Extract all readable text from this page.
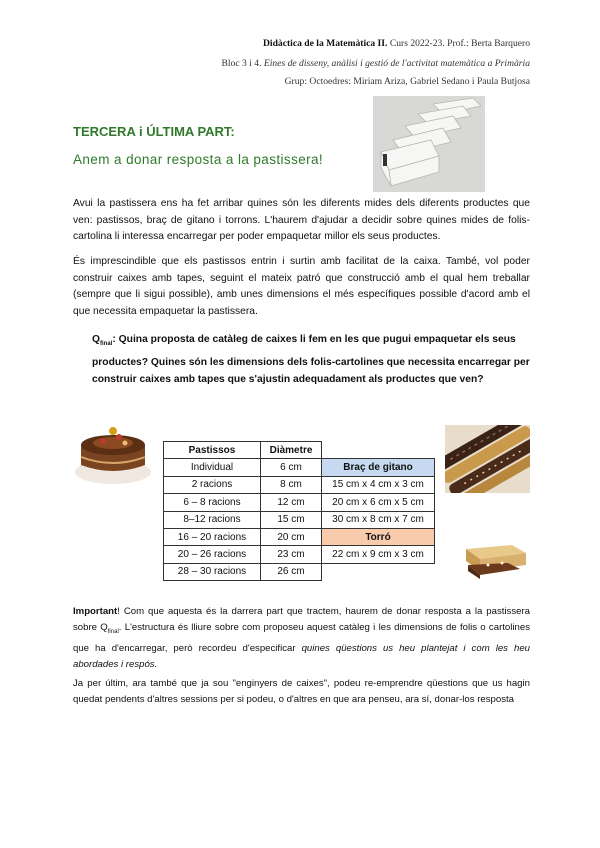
Didàctica de la Matemàtica II. Curs 2022-23. Prof.: Berta Barquero
Bloc 3 i 4. Eines de disseny, anàlisi i gestió de l'activitat matemàtica a Primària
Grup: Octoedres: Miriam Ariza, Gabriel Sedano i Paula Butjosa
TERCERA i ÚLTIMA PART:
Anem a donar resposta a la pastissera!
Avui la pastissera ens ha fet arribar quines són les diferents mides dels diferents productes que ven: pastissos, braç de gitano i torrons. L'haurem d'ajudar a decidir sobre quines mides de folis-cartolina li interessa encarregar per poder empaquetar millor els seus productes.
És imprescindible que els pastissos entrin i surtin amb facilitat de la caixa. També, vol poder construir caixes amb tapes, seguint el mateix patró que construcció amb el qual hem treballar (sempre que li sigui possible), amb unes dimensions el més específiques possible d'acord amb el que necessita empaquetar la pastissera.
$Q_{final}$: Quina proposta de catàleg de caixes li fem en les que pugui empaquetar els seus productes? Quines són les dimensions dels folis-cartolines que necessita encarregar per construir caixes amb tapes que s'ajustin adequadament als productes que ven?
Pastissos	Diàmetre	
Individual	6 cm	Braç de gitano
2 racions	8 cm	15 cm x 4 cm x 3 cm
6 – 8 racions	12 cm	20 cm x 6 cm x 5 cm
8–12 racions	15 cm	30 cm x 8 cm x 7 cm
16 – 20 racions	20 cm	Torró
20 – 26 racions	23 cm	22 cm x 9 cm x 3 cm
28 – 30 racions	26 cm	
Important! Com que aquesta és la darrera part que tractem, haurem de donar resposta a la pastissera sobre $Q_{final}$. L'estructura és lliure sobre com proposeu aquest catàleg i les dimensions de folis o cartolines que ha d'encarregar, però recordeu d'especificar quines qüestions us heu plantejat i com les heu abordades i respós.
Ja per últim, ara també que ja sou "enginyers de caixes", podeu re-emprendre qüestions que us hagin quedat pendents d'altres sessions per si podeu, o d'altres en que ara penseu, ara sí, donar-los resposta
